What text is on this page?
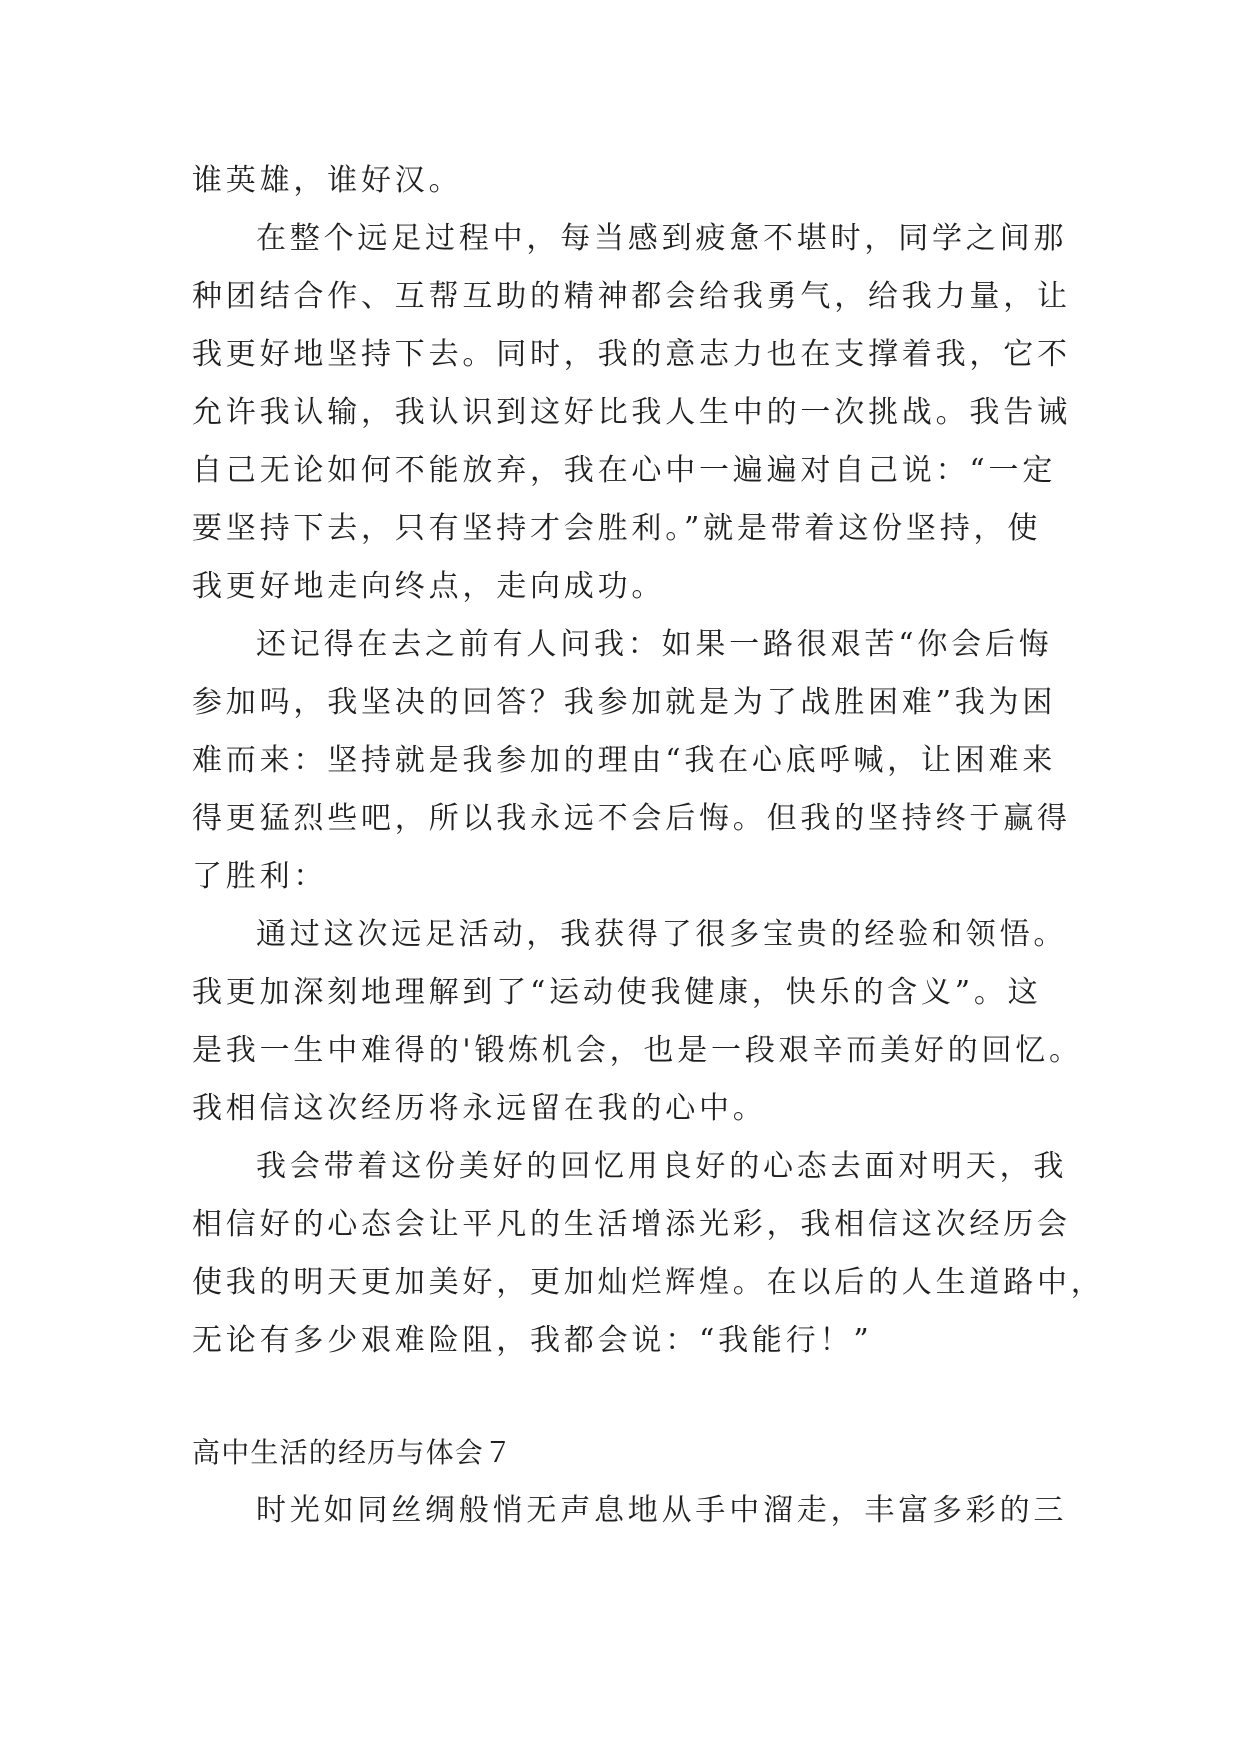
谁英雄，谁好汉。
在整个远足过程中，每当感到疲惫不堪时，同学之间那
种团结合作、互帮互助的精神都会给我勇气，给我力量，让
我更好地坚持下去。同时，我的意志力也在支撑着我，它不
允许我认输，我认识到这好比我人生中的一次挑战。我告诫
自己无论如何不能放弃，我在心中一遍遍对自己说：“一定
要坚持下去，只有坚持才会胜利。”就是带着这份坚持，使
我更好地走向终点，走向成功。
还记得在去之前有人问我：如果一路很艰苦“你会后悔
参加吗，我坚决的回答？我参加就是为了战胜困难”我为困
难而来：坚持就是我参加的理由“我在心底呼喊，让困难来
得更猛烈些吧，所以我永远不会后悔。但我的坚持终于赢得
了胜利：
通过这次远足活动，我获得了很多宝贵的经验和领悟。
我更加深刻地理解到了“运动使我健康，快乐的含义”。这
是我一生中难得的'锻炼机会，也是一段艰辛而美好的回忆。
我相信这次经历将永远留在我的心中。
我会带着这份美好的回忆用良好的心态去面对明天，我
相信好的心态会让平凡的生活增添光彩，我相信这次经历会
使我的明天更加美好，更加灿烂辉煌。在以后的人生道路中，
无论有多少艰难险阻，我都会说：“我能行！”
高中生活的经历与体会７
时光如同丝绸般悄无声息地从手中溜走，丰富多彩的三
